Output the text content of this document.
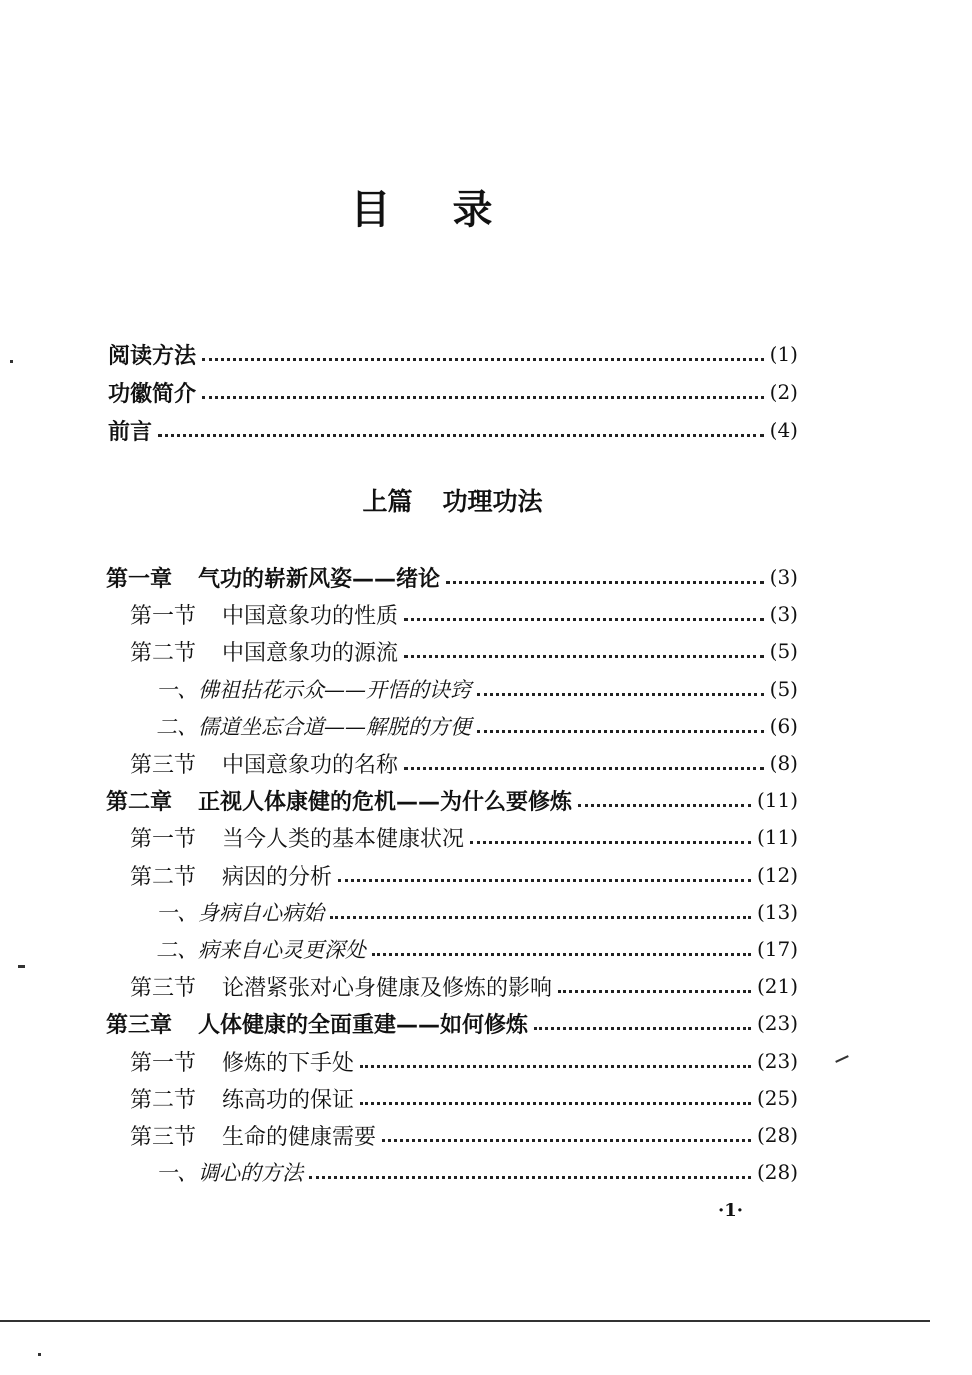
目录
阅读方法	(1)
功徽简介	(2)
前言	(4)
第一章 气功的崭新风姿——绪论	(3)
第一节 中国意象功的性质	(3)
第二节 中国意象功的源流	(5)
一、佛祖拈花示众——开悟的诀窍	(5)
二、儒道坐忘合道——解脱的方便	(6)
第三节 中国意象功的名称	(8)
第二章 正视人体康健的危机——为什么要修炼	(11)
第一节 当今人类的基本健康状况	(11)
第二节 病因的分析	(12)
一、身病自心病始	(13)
二、病来自心灵更深处	(17)
第三节 论潜紧张对心身健康及修炼的影响	(21)
第三章 人体健康的全面重建——如何修炼	(23)
第一节 修炼的下手处	(23)
第二节 练高功的保证	(25)
第三节 生命的健康需要	(28)
一、调心的方法	(28)
上篇 功理功法
·1·
